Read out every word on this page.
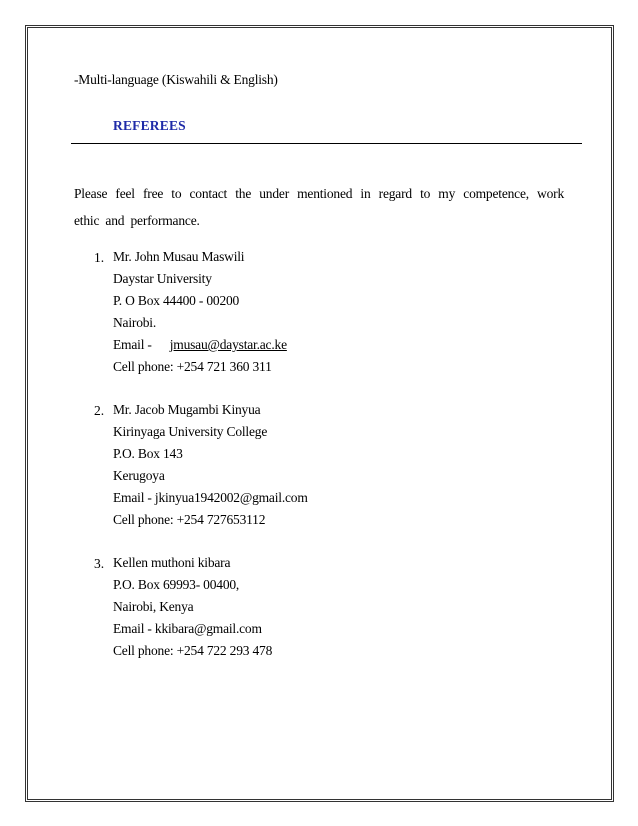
-Multi-language (Kiswahili & English)
REFEREES
Please feel free to contact the under mentioned in regard to my competence, work ethic and performance.
1. Mr. John Musau Maswili
Daystar University
P. O Box 44400 - 00200
Nairobi.
Email - jmusau@daystar.ac.ke
Cell phone: +254 721 360 311
2. Mr. Jacob Mugambi Kinyua
Kirinyaga University College
P.O. Box 143
Kerugoya
Email - jkinyua1942002@gmail.com
Cell phone: +254 727653112
3. Kellen muthoni kibara
P.O. Box 69993- 00400,
Nairobi, Kenya
Email - kkibara@gmail.com
Cell phone: +254 722 293 478
